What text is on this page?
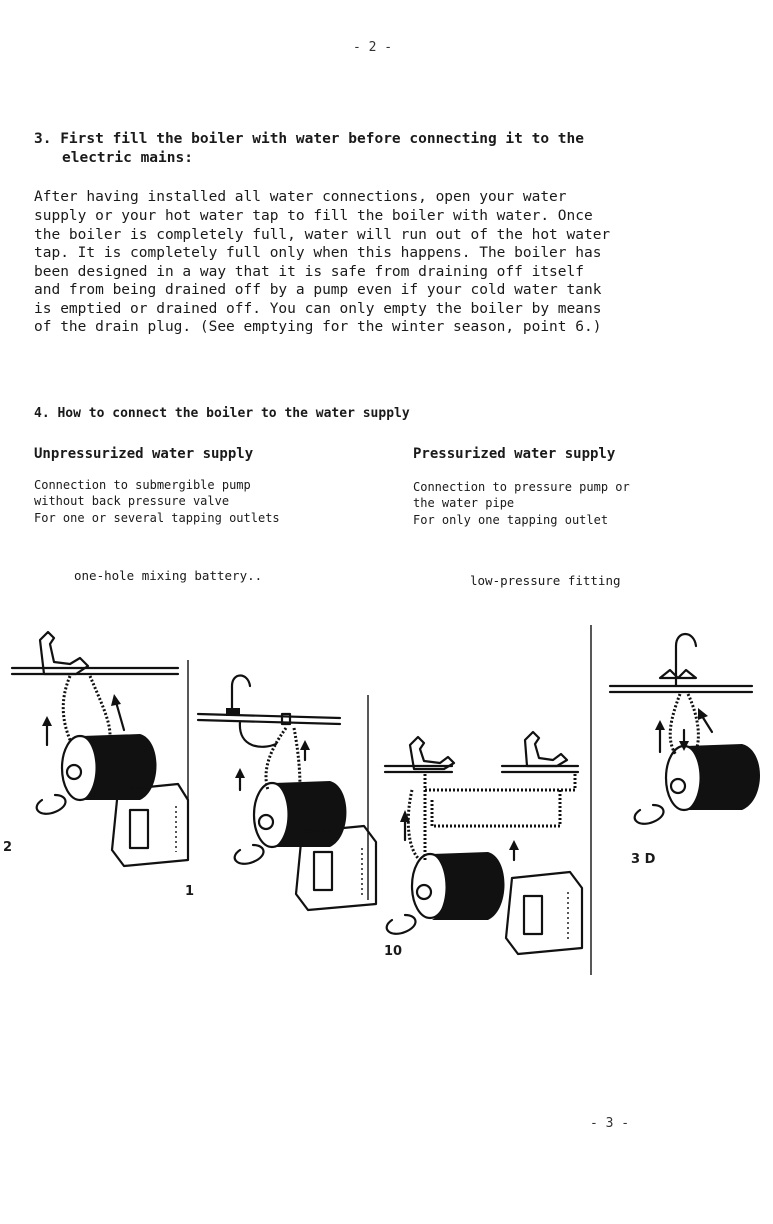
- 2 -
3. First fill the boiler with water before connecting it to the
electric mains:
After having installed all water connections, open your water
supply or your hot water tap to fill the boiler with water. Once
the boiler is completely full, water will run out of the hot water
tap. It is completely full only when this happens. The boiler has
been designed in a way that it is safe from draining off itself
and from being drained off by a pump even if your cold water tank
is emptied or drained off. You can only empty the boiler by means
of the drain plug. (See emptying for the winter season, point 6.)
4. How to connect the boiler to the water supply
Unpressurized water supply	Pressurized water supply
Connection to submergible pump
without back pressure valve
For one or several tapping outlets
Connection to pressure pump or
the water pipe
For only one tapping outlet
one-hole mixing battery..	low-pressure fitting
2
1
10
3 D
- 3 -
